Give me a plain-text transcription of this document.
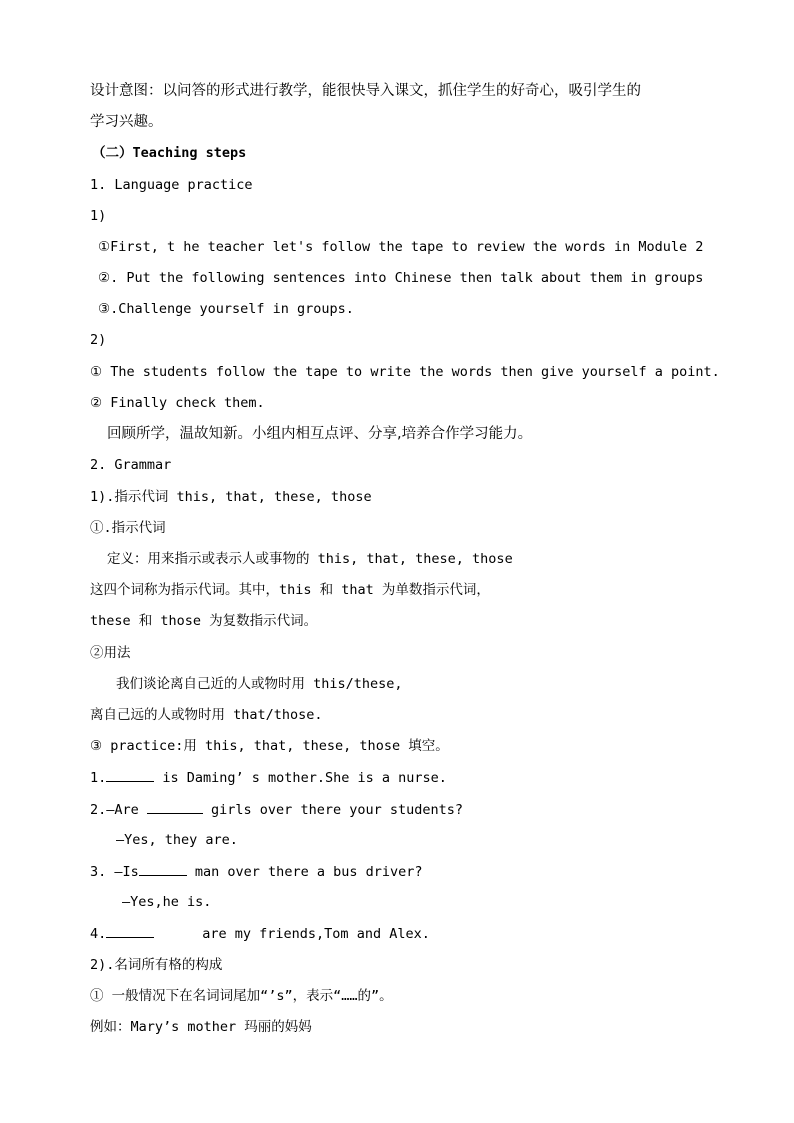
设计意图：以问答的形式进行教学，能很快导入课文，抓住学生的好奇心，吸引学生的
学习兴趣。
（二）Teaching steps
1. Language practice
1)
①First, t he teacher let's follow the tape to review the words in Module 2
②. Put the following sentences into Chinese then talk about them in groups
③.Challenge yourself in groups.
2)
① The students follow the tape to write the words then give yourself a point.
② Finally check them.
回顾所学，温故知新。小组内相互点评、分享,培养合作学习能力。
2. Grammar
1).指示代词 this, that, these, those
①.指示代词
定义：用来指示或表示人或事物的 this, that, these, those
这四个词称为指示代词。其中，this 和 that 为单数指示代词，
these 和 those 为复数指示代词。
②用法
我们谈论离自己近的人或物时用 this/these,
离自己远的人或物时用 that/those.
③ practice:用 this, that, these, those 填空。
1.	is Daming’ s mother.She is a nurse.
2.—Are	girls over there your students?
—Yes, they are.
3. —Is	man over there a bus driver?
—Yes,he is.
4.	are my friends,Tom and Alex.
2).名词所有格的构成
① 一般情况下在名词词尾加“’s”，表示“……的”。
例如：Mary’s mother 玛丽的妈妈
